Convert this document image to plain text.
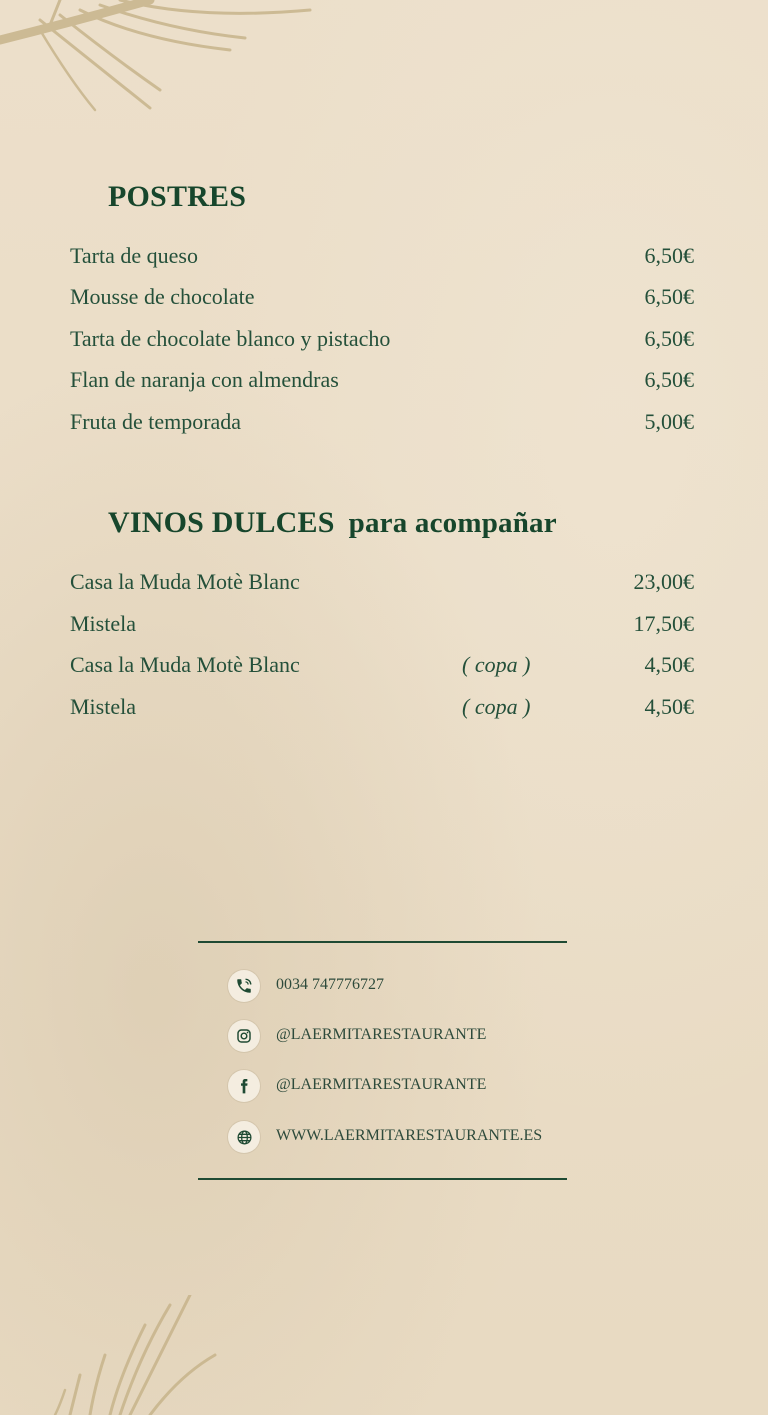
POSTRES
Tarta de queso	6,50€
Mousse de chocolate	6,50€
Tarta de chocolate blanco y pistacho	6,50€
Flan de naranja con almendras	6,50€
Fruta de temporada	5,00€
VINOS DULCES para acompañar
Casa la Muda Motè Blanc	23,00€
Mistela	17,50€
Casa la Muda Motè Blanc	( copa )	4,50€
Mistela	( copa )	4,50€
0034 747776727
@LAERMITARESTAURANTE
@LAERMITARESTAURANTE
WWW.LAERMITARESTAURANTE.ES
